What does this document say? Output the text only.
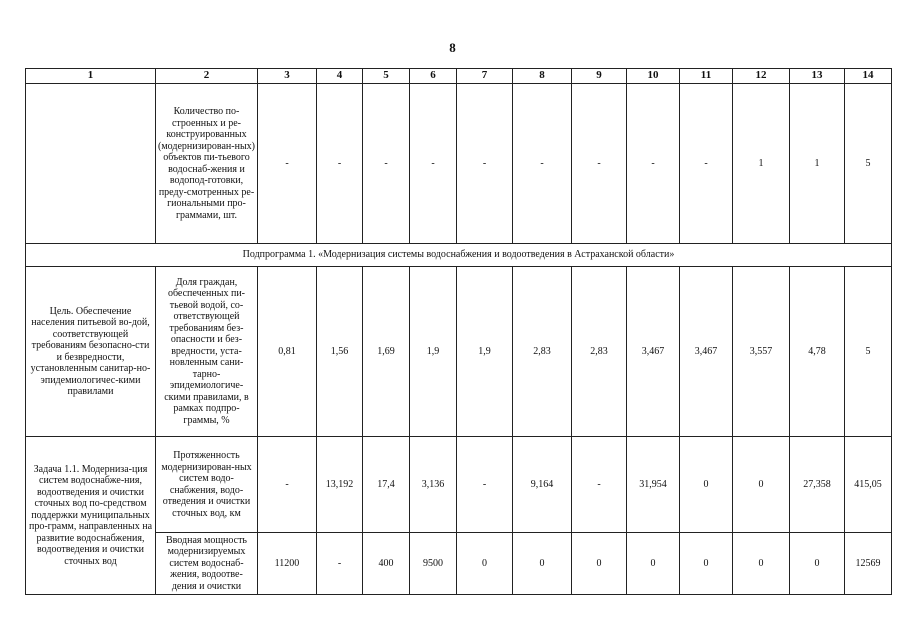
8
1	2	3	4	5	6	7	8	9	10	11	12	13	14
	Количество по-строенных и ре-конструированных (модернизирован-ных) объектов пи-тьевого водоснаб-жения и водопод-готовки, преду-смотренных ре-гиональными про-граммами, шт.	-	-	-	-	-	-	-	-	-	1	1	5
Подпрограмма 1. «Модернизация системы водоснабжения и водоотведения в Астраханской области»													
Цель. Обеспечение населения питьевой во-дой, соответствующей требованиям безопасно-сти и безвредности, установленным санитар-но-эпидемиологичес-кими правилами	Доля граждан, обеспеченных пи-тьевой водой, со-ответствующей требованиям без-опасности и без-вредности, уста-новленным сани-тарно-эпидемиологиче-скими правилами, в рамках подпро-граммы, %	0,81	1,56	1,69	1,9	1,9	2,83	2,83	3,467	3,467	3,557	4,78	5
Задача 1.1. Модерниза-ция систем водоснабже-ния, водоотведения и очистки сточных вод по-средством поддержки муниципальных про-грамм, направленных на развитие водоснабжения, водоотведения и очистки сточных вод	Протяженность модернизирован-ных систем водо-снабжения, водо-отведения и очистки сточных вод, км	-	13,192	17,4	3,136	-	9,164	-	31,954	0	0	27,358	415,05
	Вводная мощность модернизируемых систем водоснаб-жения, водоотве-дения и очистки	11200	-	400	9500	0	0	0	0	0	0	0	12569
